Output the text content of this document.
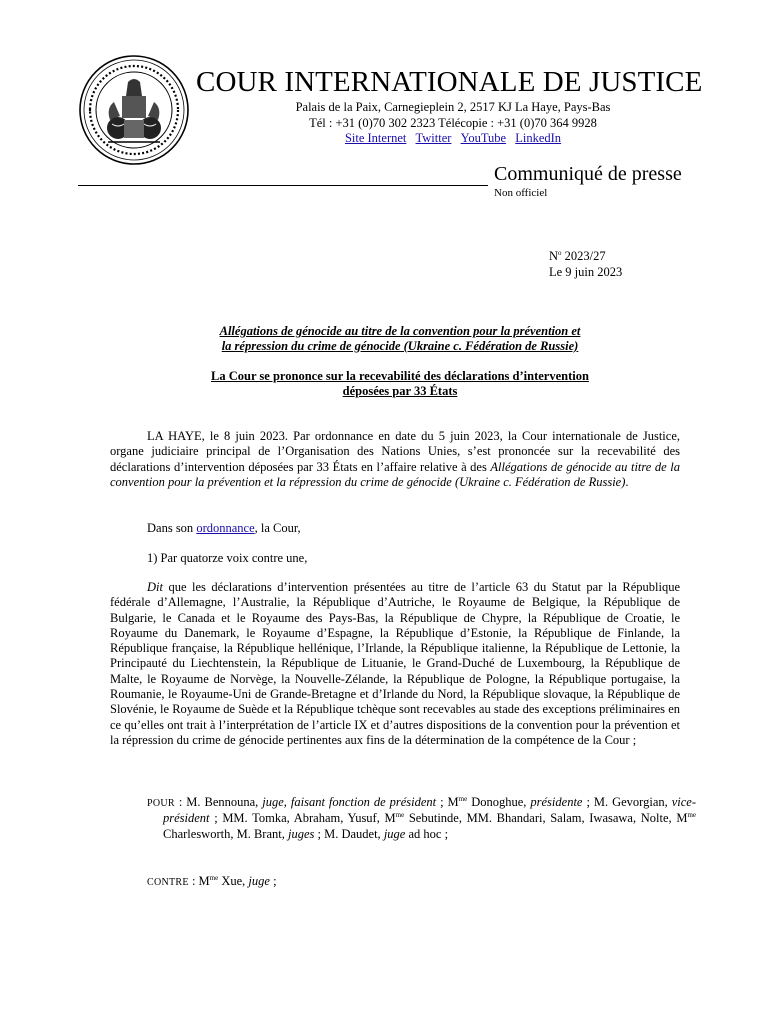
COUR INTERNATIONALE DE JUSTICE
Palais de la Paix, Carnegieplein 2, 2517 KJ La Haye, Pays-Bas
Tél : +31 (0)70 302 2323 Télécopie : +31 (0)70 364 9928
Site Internet Twitter YouTube LinkedIn
Communiqué de presse
Non officiel
$N^o$ 2023/27
Le 9 juin 2023
Allégations de génocide au titre de la convention pour la prévention et
la répression du crime de génocide (Ukraine c. Fédération de Russie)
La Cour se prononce sur la recevabilité des déclarations d’intervention
déposées par 33 États
LA HAYE, le 8 juin 2023. Par ordonnance en date du 5 juin 2023, la Cour internationale de Justice, organe judiciaire principal de l’Organisation des Nations Unies, s’est prononcée sur la recevabilité des déclarations d’intervention déposées par 33 États en l’affaire relative à des Allégations de génocide au titre de la convention pour la prévention et la répression du crime de génocide (Ukraine c. Fédération de Russie).
Dans son ordonnance, la Cour,
1) Par quatorze voix contre une,
Dit que les déclarations d’intervention présentées au titre de l’article 63 du Statut par la République fédérale d’Allemagne, l’Australie, la République d’Autriche, le Royaume de Belgique, la République de Bulgarie, le Canada et le Royaume des Pays-Bas, la République de Chypre, la République de Croatie, le Royaume du Danemark, le Royaume d’Espagne, la République d’Estonie, la République de Finlande, la République française, la République hellénique, l’Irlande, la République italienne, la République de Lettonie, la Principauté du Liechtenstein, la République de Lituanie, le Grand-Duché de Luxembourg, la République de Malte, le Royaume de Norvège, la Nouvelle-Zélande, la République de Pologne, la République portugaise, la Roumanie, le Royaume-Uni de Grande-Bretagne et d’Irlande du Nord, la République slovaque, la République de Slovénie, le Royaume de Suède et la République tchèque sont recevables au stade des exceptions préliminaires en ce qu’elles ont trait à l’interprétation de l’article IX et d’autres dispositions de la convention pour la prévention et la répression du crime de génocide pertinentes aux fins de la détermination de la compétence de la Cour ;
POUR : M. Bennouna, juge, faisant fonction de président ; $M^{me}$ Donoghue, présidente ; M. Gevorgian, vice-président ; MM. Tomka, Abraham, Yusuf, $M^{me}$ Sebutinde, MM. Bhandari, Salam, Iwasawa, Nolte, $M^{me}$ Charlesworth, M. Brant, juges ; M. Daudet, juge ad hoc ;
CONTRE : $M^{me}$ Xue, juge ;
